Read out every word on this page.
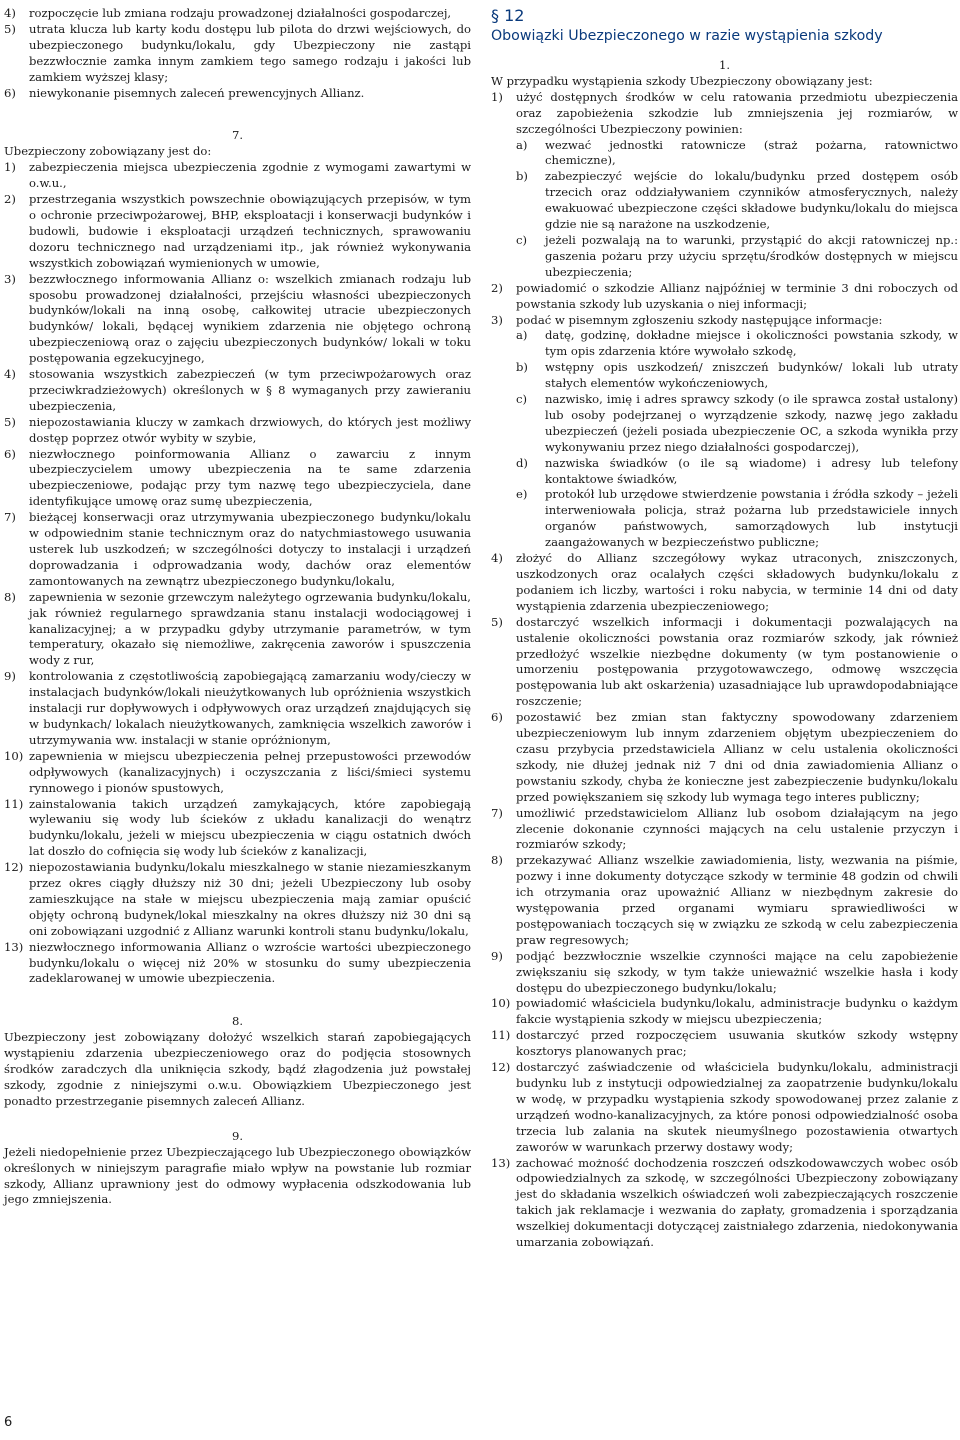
4)	rozpoczęcie lub zmiana rodzaju prowadzonej działalności gospodarczej,
5)	utrata klucza lub karty kodu dostępu lub pilota do drzwi wejściowych, do ubezpieczonego budynku/lokalu, gdy Ubezpieczony nie zastąpi bezzwłocznie zamka innym zamkiem tego samego rodzaju i jakości lub zamkiem wyższej klasy;
6)	niewykonanie pisemnych zaleceń prewencyjnych Allianz.
7.

Ubezpieczony zobowiązany jest do:

1)	zabezpieczenia miejsca ubezpieczenia zgodnie z wymogami zawartymi w o.w.u.,
2)	przestrzegania wszystkich powszechnie obowiązujących przepisów, w tym o ochronie przeciwpożarowej, BHP, eksploatacji i konserwacji budynków i budowli, budowie i eksploatacji urządzeń technicznych, sprawowaniu dozoru technicznego nad urządzeniami itp., jak również wykonywania wszystkich zobowiązań wymienionych w umowie,
3)	bezzwłocznego informowania Allianz o: wszelkich zmianach rodzaju lub sposobu prowadzonej działalności, przejściu własności ubezpieczonych budynków/lokali na inną osobę, całkowitej utracie ubezpieczonych budynków/ lokali, będącej wynikiem zdarzenia nie objętego ochroną ubezpieczeniową oraz o zajęciu ubezpieczonych budynków/ lokali w toku postępowania egzekucyjnego,
4)	stosowania wszystkich zabezpieczeń (w tym przeciwpożarowych oraz przeciwkradzieżowych) określonych w § 8 wymaganych przy zawieraniu ubezpieczenia,
5)	niepozostawiania kluczy w zamkach drzwiowych, do których jest możliwy dostęp poprzez otwór wybity w szybie,
6)	niezwłocznego poinformowania Allianz o zawarciu z innym ubezpieczycielem umowy ubezpieczenia na te same zdarzenia ubezpieczeniowe, podając przy tym nazwę tego ubezpieczyciela, dane identyfikujące umowę oraz sumę ubezpieczenia,
7)	bieżącej konserwacji oraz utrzymywania ubezpieczonego budynku/lokalu w odpowiednim stanie technicznym oraz do natychmiastowego usuwania usterek lub uszkodzeń; w szczególności dotyczy to instalacji i urządzeń doprowadzania i odprowadzania wody, dachów oraz elementów zamontowanych na zewnątrz ubezpieczonego budynku/lokalu,
8)	zapewnienia w sezonie grzewczym należytego ogrzewania budynku/lokalu, jak również regularnego sprawdzania stanu instalacji wodociągowej i kanalizacyjnej; a w przypadku gdyby utrzymanie parametrów, w tym temperatury, okazało się niemożliwe, zakręcenia zaworów i spuszczenia wody z rur,
9)	kontrolowania z częstotliwością zapobiegającą zamarzaniu wody/cieczy w instalacjach budynków/lokali nieużytkowanych lub opróżnienia wszystkich instalacji rur dopływowych i odpływowych oraz urządzeń znajdujących się w budynkach/ lokalach nieużytkowanych, zamknięcia wszelkich zaworów i utrzymywania ww. instalacji w stanie opróżnionym,
10) zapewnienia w miejscu ubezpieczenia pełnej przepustowości przewodów odpływowych (kanalizacyjnych) i oczyszczania z liści/śmieci systemu rynnowego i pionów spustowych,
11) zainstalowania takich urządzeń zamykających, które zapobiegają wylewaniu się wody lub ścieków z układu kanalizacji do wenątrz budynku/lokalu, jeżeli w miejscu ubezpieczenia w ciągu ostatnich dwóch lat doszło do cofnięcia się wody lub ścieków z kanalizacji,
12) niepozostawiania budynku/lokalu mieszkalnego w stanie niezamieszkanym przez okres ciągły dłuższy niż 30 dni; jeżeli Ubezpieczony lub osoby zamieszkujące na stałe w miejscu ubezpieczenia mają zamiar opuścić objęty ochroną budynek/lokal mieszkalny na okres dłuższy niż 30 dni są oni zobowiązani uzgodnić z Allianz warunki kontroli stanu budynku/lokalu,
13) niezwłocznego informowania Allianz o wzroście wartości ubezpieczonego budynku/lokalu o więcej niż 20% w stosunku do sumy ubezpieczenia zadeklarowanej w umowie ubezpieczenia.
8.

Ubezpieczony jest zobowiązany dołożyć wszelkich starań zapobiegających wystąpieniu zdarzenia ubezpieczeniowego oraz do podjęcia stosownych środków zaradczych dla uniknięcia szkody, bądź złagodzenia już powstałej szkody, zgodnie z niniejszymi o.w.u. Obowiązkiem Ubezpieczonego jest ponadto przestrzeganie pisemnych zaleceń Allianz.

9.

Jeżeli niedopełnienie przez Ubezpieczającego lub Ubezpieczonego obowiązków określonych w niniejszym paragrafie miało wpływ na powstanie lub rozmiar szkody, Allianz uprawniony jest do odmowy wypłacenia odszkodowania lub jego zmniejszenia.

§ 12
Obowiązki Ubezpieczonego w razie wystąpienia szkody
1.

W przypadku wystąpienia szkody Ubezpieczony obowiązany jest:

1)	użyć dostępnych środków w celu ratowania przedmiotu ubezpieczenia oraz zapobieżenia szkodzie lub zmniejszenia jej rozmiarów, w szczególności Ubezpieczony powinien:
a)	wezwać jednostki ratownicze (straż pożarna, ratownictwo chemiczne),
b)	zabezpieczyć wejście do lokalu/budynku przed dostępem osób trzecich oraz oddziaływaniem czynników atmosferycznych, należy ewakuować ubezpieczone części składowe budynku/lokalu do miejsca gdzie nie są narażone na uszkodzenie,
c)	jeżeli pozwalają na to warunki, przystąpić do akcji ratowniczej np.: gaszenia pożaru przy użyciu sprzętu/środków dostępnych w miejscu ubezpieczenia;
2)	powiadomić o szkodzie Allianz najpóźniej w terminie 3 dni roboczych od powstania szkody lub uzyskania o niej informacji;
3)	podać w pisemnym zgłoszeniu szkody następujące informacje:
a)	datę, godzinę, dokładne miejsce i okoliczności powstania szkody, w tym opis zdarzenia które wywołało szkodę,
b)	wstępny opis uszkodzeń/ zniszczeń budynków/ lokali lub utraty stałych elementów wykończeniowych,
c)	nazwisko, imię i adres sprawcy szkody (o ile sprawca został ustalony) lub osoby podejrzanej o wyrządzenie szkody, nazwę jego zakładu ubezpieczeń (jeżeli posiada ubezpieczenie OC, a szkoda wynikła przy wykonywaniu przez niego działalności gospodarczej),
d)	nazwiska świadków (o ile są wiadome) i adresy lub telefony kontaktowe świadków,
e)	protokół lub urzędowe stwierdzenie powstania i źródła szkody – jeżeli interweniowała policja, straż pożarna lub przedstawiciele innych organów państwowych, samorządowych lub instytucji zaangażowanych w bezpieczeństwo publiczne;
4)	złożyć do Allianz szczegółowy wykaz utraconych, zniszczonych, uszkodzonych oraz ocalałych części składowych budynku/lokalu z podaniem ich liczby, wartości i roku nabycia, w terminie 14 dni od daty wystąpienia zdarzenia ubezpieczeniowego;
5)	dostarczyć wszelkich informacji i dokumentacji pozwalających na ustalenie okoliczności powstania oraz rozmiarów szkody, jak również przedłożyć wszelkie niezbędne dokumenty (w tym postanowienie o umorzeniu postępowania przygotowawczego, odmowę wszczęcia postępowania lub akt oskarżenia) uzasadniające lub uprawdopodabniające roszczenie;
6)	pozostawić bez zmian stan faktyczny spowodowany zdarzeniem ubezpieczeniowym lub innym zdarzeniem objętym ubezpieczeniem do czasu przybycia przedstawiciela Allianz w celu ustalenia okoliczności szkody, nie dłużej jednak niż 7 dni od dnia zawiadomienia Allianz o powstaniu szkody, chyba że konieczne jest zabezpieczenie budynku/lokalu przed powiększaniem się szkody lub wymaga tego interes publiczny;
7)	umożliwić przedstawicielom Allianz lub osobom działającym na jego zlecenie dokonanie czynności mających na celu ustalenie przyczyn i rozmiarów szkody;
8)	przekazywać Allianz wszelkie zawiadomienia, listy, wezwania na piśmie, pozwy i inne dokumenty dotyczące szkody w terminie 48 godzin od chwili ich otrzymania oraz upoważnić Allianz w niezbędnym zakresie do występowania przed organami wymiaru sprawiedliwości w postępowaniach toczących się w związku ze szkodą w celu zabezpieczenia praw regresowych;
9)	podjąć bezzwłocznie wszelkie czynności mające na celu zapobieżenie zwiększaniu się szkody, w tym także unieważnić wszelkie hasła i kody dostępu do ubezpieczonego budynku/lokalu;
10) powiadomić właściciela budynku/lokalu, administracje budynku o każdym fakcie wystąpienia szkody w miejscu ubezpieczenia;
11) dostarczyć przed rozpoczęciem usuwania skutków szkody wstępny kosztorys planowanych prac;
12) dostarczyć zaświadczenie od właściciela budynku/lokalu, administracji budynku lub z instytucji odpowiedzialnej za zaopatrzenie budynku/lokalu w wodę, w przypadku wystąpienia szkody spowodowanej przez zalanie z urządzeń wodno-kanalizacyjnych, za które ponosi odpowiedzialność osoba trzecia lub zalania na skutek nieumyślnego pozostawienia otwartych zaworów w warunkach przerwy dostawy wody;
13) zachować możność dochodzenia roszczeń odszkodowawczych wobec osób odpowiedzialnych za szkodę, w szczególności Ubezpieczony zobowiązany jest do składania wszelkich oświadczeń woli zabezpieczających roszczenie takich jak reklamacje i wezwania do zapłaty, gromadzenia i sporządzania wszelkiej dokumentacji dotyczącej zaistniałego zdarzenia, niedokonywania umarzania zobowiązań.
6
